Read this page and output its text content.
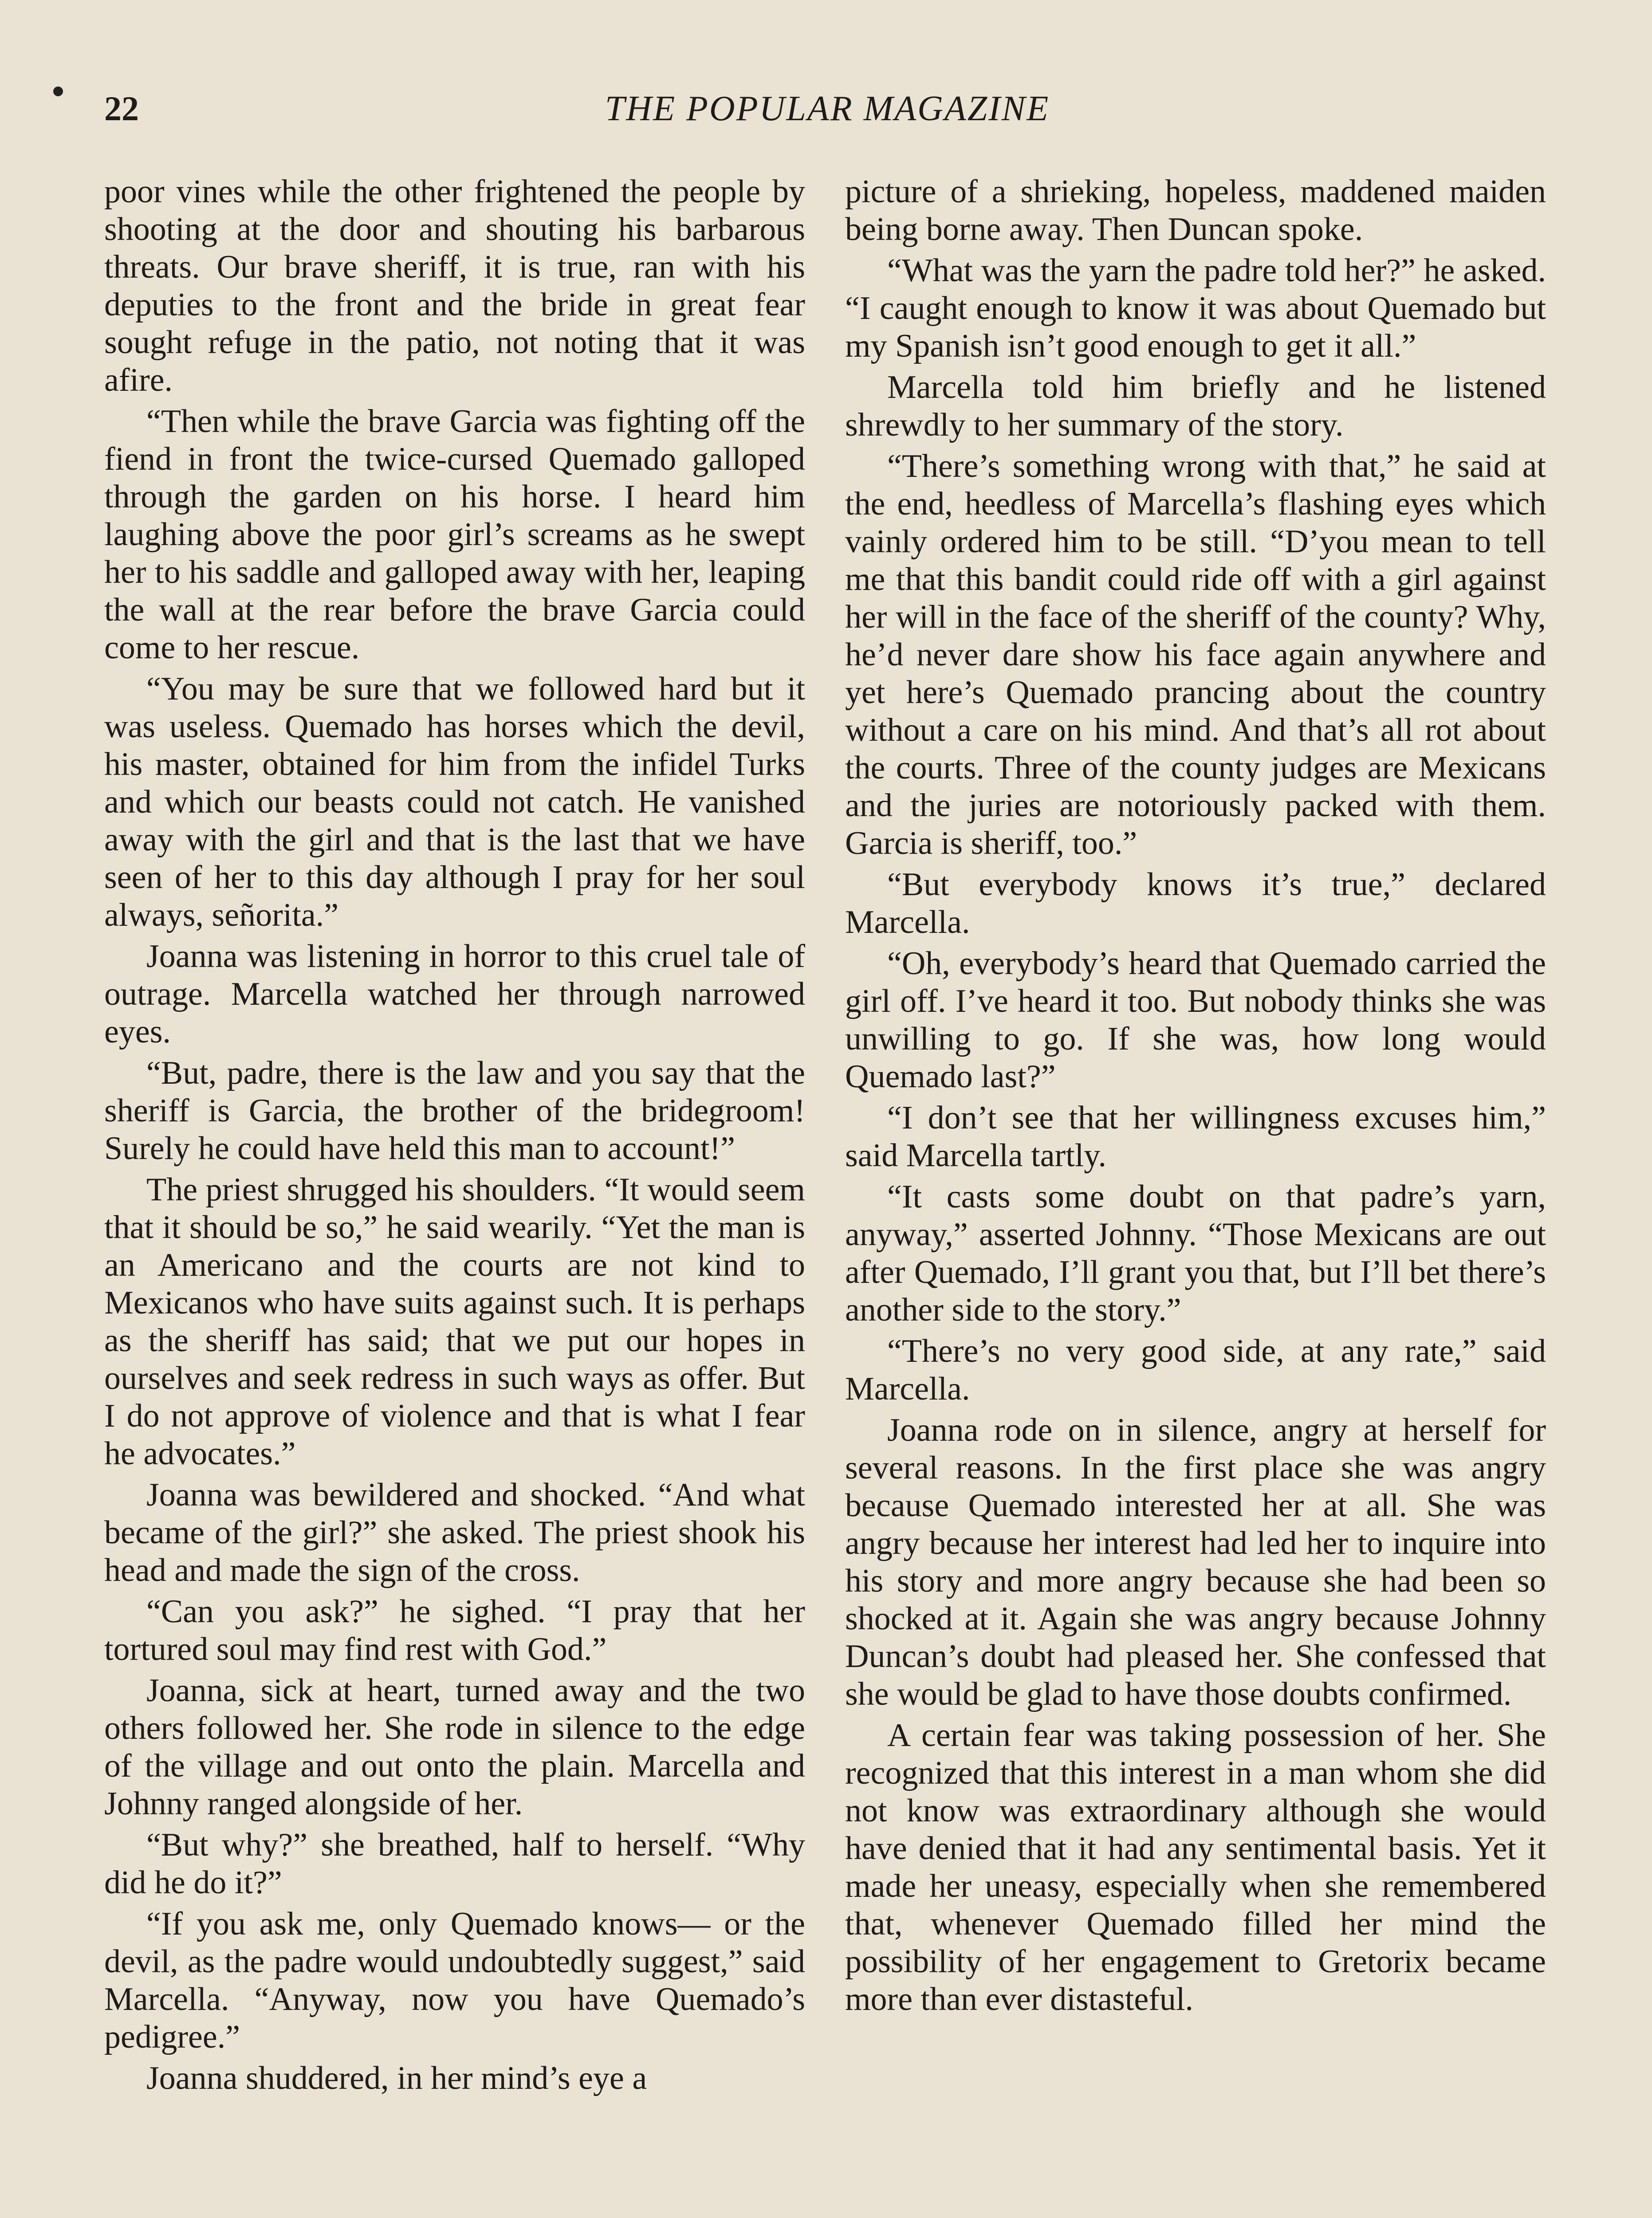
22	THE POPULAR MAGAZINE

poor vines while the other frightened the people by shooting at the door and shouting his barbarous threats. Our brave sheriff, it is true, ran with his deputies to the front and the bride in great fear sought refuge in the patio, not noting that it was afire.

“Then while the brave Garcia was fighting off the fiend in front the twice-cursed Quemado galloped through the garden on his horse. I heard him laughing above the poor girl’s screams as he swept her to his saddle and galloped away with her, leaping the wall at the rear before the brave Garcia could come to her rescue.

“You may be sure that we followed hard but it was useless. Quemado has horses which the devil, his master, obtained for him from the infidel Turks and which our beasts could not catch. He vanished away with the girl and that is the last that we have seen of her to this day although I pray for her soul always, señorita.”

Joanna was listening in horror to this cruel tale of outrage. Marcella watched her through narrowed eyes.

“But, padre, there is the law and you say that the sheriff is Garcia, the brother of the bridegroom! Surely he could have held this man to account!”

The priest shrugged his shoulders. “It would seem that it should be so,” he said wearily. “Yet the man is an Americano and the courts are not kind to Mexicanos who have suits against such. It is perhaps as the sheriff has said; that we put our hopes in ourselves and seek redress in such ways as offer. But I do not approve of violence and that is what I fear he advocates.”

Joanna was bewildered and shocked. “And what became of the girl?” she asked. The priest shook his head and made the sign of the cross.

“Can you ask?” he sighed. “I pray that her tortured soul may find rest with God.”

Joanna, sick at heart, turned away and the two others followed her. She rode in silence to the edge of the village and out onto the plain. Marcella and Johnny ranged alongside of her.

“But why?” she breathed, half to herself. “Why did he do it?”

“If you ask me, only Quemado knows— or the devil, as the padre would undoubtedly suggest,” said Marcella. “Anyway, now you have Quemado’s pedigree.”

Joanna shuddered, in her mind’s eye a

picture of a shrieking, hopeless, maddened maiden being borne away. Then Duncan spoke.

“What was the yarn the padre told her?” he asked. “I caught enough to know it was about Quemado but my Spanish isn’t good enough to get it all.”

Marcella told him briefly and he listened shrewdly to her summary of the story.

“There’s something wrong with that,” he said at the end, heedless of Marcella’s flashing eyes which vainly ordered him to be still. “D’you mean to tell me that this bandit could ride off with a girl against her will in the face of the sheriff of the county? Why, he’d never dare show his face again anywhere and yet here’s Quemado prancing about the country without a care on his mind. And that’s all rot about the courts. Three of the county judges are Mexicans and the juries are notoriously packed with them. Garcia is sheriff, too.”

“But everybody knows it’s true,” declared Marcella.

“Oh, everybody’s heard that Quemado carried the girl off. I’ve heard it too. But nobody thinks she was unwilling to go. If she was, how long would Quemado last?”

“I don’t see that her willingness excuses him,” said Marcella tartly.

“It casts some doubt on that padre’s yarn, anyway,” asserted Johnny. “Those Mexicans are out after Quemado, I’ll grant you that, but I’ll bet there’s another side to the story.”

“There’s no very good side, at any rate,” said Marcella.

Joanna rode on in silence, angry at herself for several reasons. In the first place she was angry because Quemado interested her at all. She was angry because her interest had led her to inquire into his story and more angry because she had been so shocked at it. Again she was angry because Johnny Duncan’s doubt had pleased her. She confessed that she would be glad to have those doubts confirmed.

A certain fear was taking possession of her. She recognized that this interest in a man whom she did not know was extraordinary although she would have denied that it had any sentimental basis. Yet it made her uneasy, especially when she remembered that, whenever Quemado filled her mind the possibility of her engagement to Gretorix became more than ever distasteful.
